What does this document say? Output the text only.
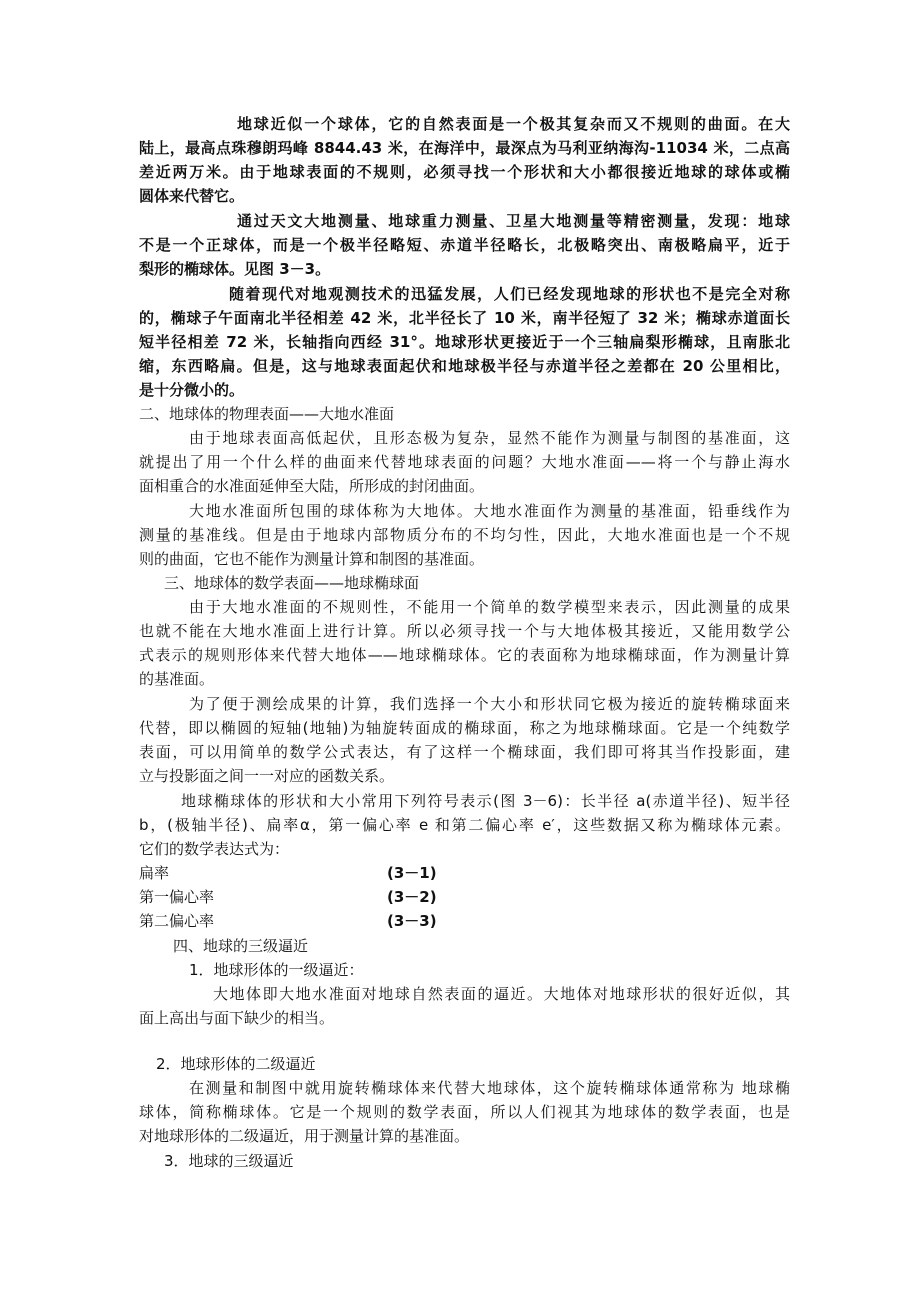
地球近似一个球体，它的自然表面是一个极其复杂而又不规则的曲面。在大
陆上，最高点珠穆朗玛峰 8844.43 米，在海洋中，最深点为马利亚纳海沟-11034 米，二点高
差近两万米。由于地球表面的不规则，必须寻找一个形状和大小都很接近地球的球体或椭
圆体来代替它。
通过天文大地测量、地球重力测量、卫星大地测量等精密测量，发现：地球
不是一个正球体，而是一个极半径略短、赤道半径略长，北极略突出、南极略扁平，近于
梨形的椭球体。见图 3－3。
随着现代对地观测技术的迅猛发展，人们已经发现地球的形状也不是完全对称
的，椭球子午面南北半径相差 42 米，北半径长了 10 米，南半径短了 32 米；椭球赤道面长
短半径相差 72 米，长轴指向西经 31°。地球形状更接近于一个三轴扁梨形椭球，且南胀北
缩，东西略扁。但是，这与地球表面起伏和地球极半径与赤道半径之差都在 20 公里相比，
是十分微小的。
二、地球体的物理表面——大地水准面
由于地球表面高低起伏，且形态极为复杂，显然不能作为测量与制图的基准面，这
就提出了用一个什么样的曲面来代替地球表面的问题？大地水准面——将一个与静止海水
面相重合的水准面延伸至大陆，所形成的封闭曲面。
大地水准面所包围的球体称为大地体。大地水准面作为测量的基准面，铅垂线作为
测量的基准线。但是由于地球内部物质分布的不均匀性，因此，大地水准面也是一个不规
则的曲面，它也不能作为测量计算和制图的基准面。
三、地球体的数学表面——地球椭球面
由于大地水准面的不规则性，不能用一个简单的数学模型来表示，因此测量的成果
也就不能在大地水准面上进行计算。所以必须寻找一个与大地体极其接近，又能用数学公
式表示的规则形体来代替大地体——地球椭球体。它的表面称为地球椭球面，作为测量计算
的基准面。
为了便于测绘成果的计算，我们选择一个大小和形状同它极为接近的旋转椭球面来
代替，即以椭圆的短轴(地轴)为轴旋转面成的椭球面，称之为地球椭球面。它是一个纯数学
表面，可以用简单的数学公式表达，有了这样一个椭球面，我们即可将其当作投影面，建
立与投影面之间一一对应的函数关系。
地球椭球体的形状和大小常用下列符号表示(图 3－6)：长半径 a(赤道半径)、短半径
b，(极轴半径)、扁率α，第一偏心率 e 和第二偏心率 e′，这些数据又称为椭球体元素。
它们的数学表达式为：
扁率	(3－1)
第一偏心率	(3－2)
第二偏心率	(3－3)
四、地球的三级逼近
1．地球形体的一级逼近：
大地体即大地水准面对地球自然表面的逼近。大地体对地球形状的很好近似，其
面上高出与面下缺少的相当。
2．地球形体的二级逼近
在测量和制图中就用旋转椭球体来代替大地球体，这个旋转椭球体通常称为 地球椭
球体，简称椭球体。它是一个规则的数学表面，所以人们视其为地球体的数学表面，也是
对地球形体的二级逼近，用于测量计算的基准面。
3．地球的三级逼近
